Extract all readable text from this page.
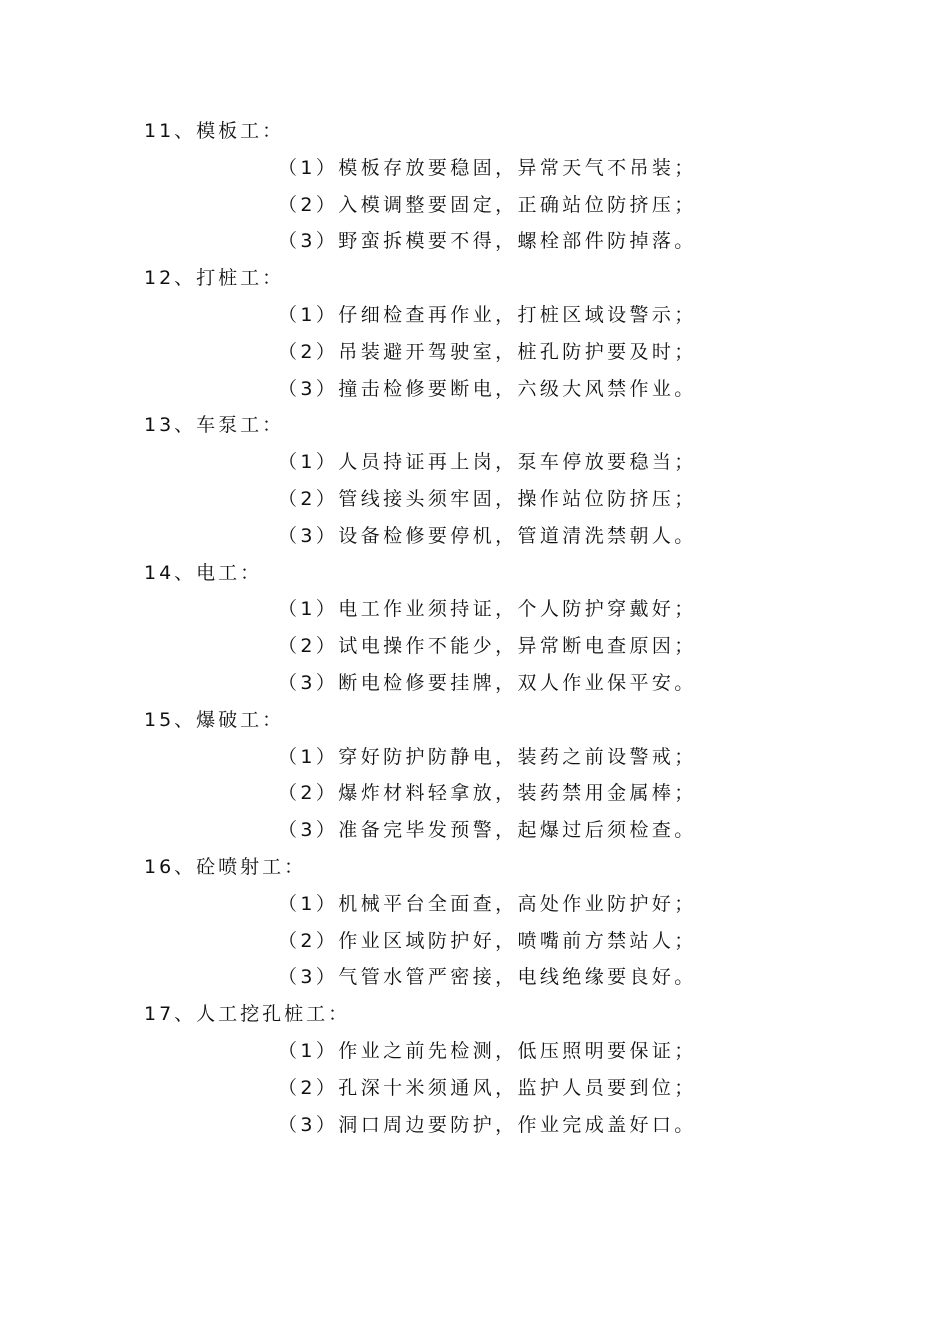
11、模板工：
（1）模板存放要稳固，异常天气不吊装；
（2）入模调整要固定，正确站位防挤压；
（3）野蛮拆模要不得，螺栓部件防掉落。
12、打桩工：
（1）仔细检查再作业，打桩区域设警示；
（2）吊装避开驾驶室，桩孔防护要及时；
（3）撞击检修要断电，六级大风禁作业。
13、车泵工：
（1）人员持证再上岗，泵车停放要稳当；
（2）管线接头须牢固，操作站位防挤压；
（3）设备检修要停机，管道清洗禁朝人。
14、电工：
（1）电工作业须持证，个人防护穿戴好；
（2）试电操作不能少，异常断电查原因；
（3）断电检修要挂牌，双人作业保平安。
15、爆破工：
（1）穿好防护防静电，装药之前设警戒；
（2）爆炸材料轻拿放，装药禁用金属棒；
（3）准备完毕发预警，起爆过后须检查。
16、砼喷射工：
（1）机械平台全面查，高处作业防护好；
（2）作业区域防护好，喷嘴前方禁站人；
（3）气管水管严密接，电线绝缘要良好。
17、人工挖孔桩工：
（1）作业之前先检测，低压照明要保证；
（2）孔深十米须通风，监护人员要到位；
（3）洞口周边要防护，作业完成盖好口。
